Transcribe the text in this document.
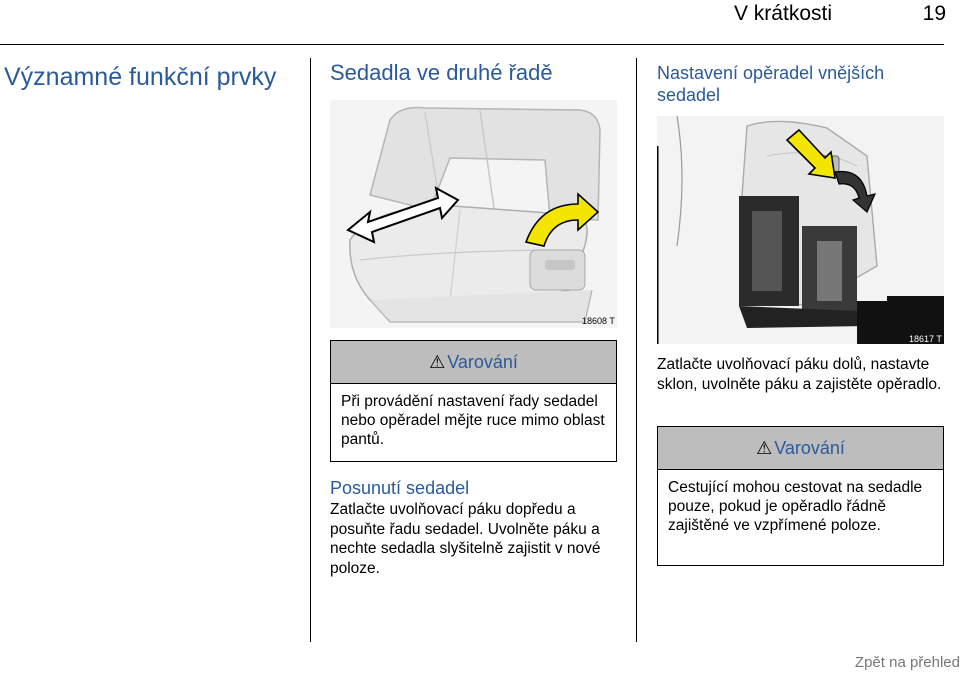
V krátkosti	19
Významné funkční prvky	Sedadla ve druhé řadě
18608 T
⚠ Varování
Při provádění nastavení řady sedadel nebo opěradel mějte ruce mimo oblast pantů.
Posunutí sedadel
Zatlačte uvolňovací páku dopředu a posuňte řadu sedadel. Uvolněte páku a nechte sedadla slyšitelně zajistit v nové poloze.
Nastavení opěradel vnějších sedadel
18617 T
Zatlačte uvolňovací páku dolů, nastavte sklon, uvolněte páku a zajistěte opěradlo.
⚠ Varování
Cestující mohou cestovat na sedadle pouze, pokud je opěradlo řádně zajištěné ve vzpřímené poloze.
Zpět na přehled
